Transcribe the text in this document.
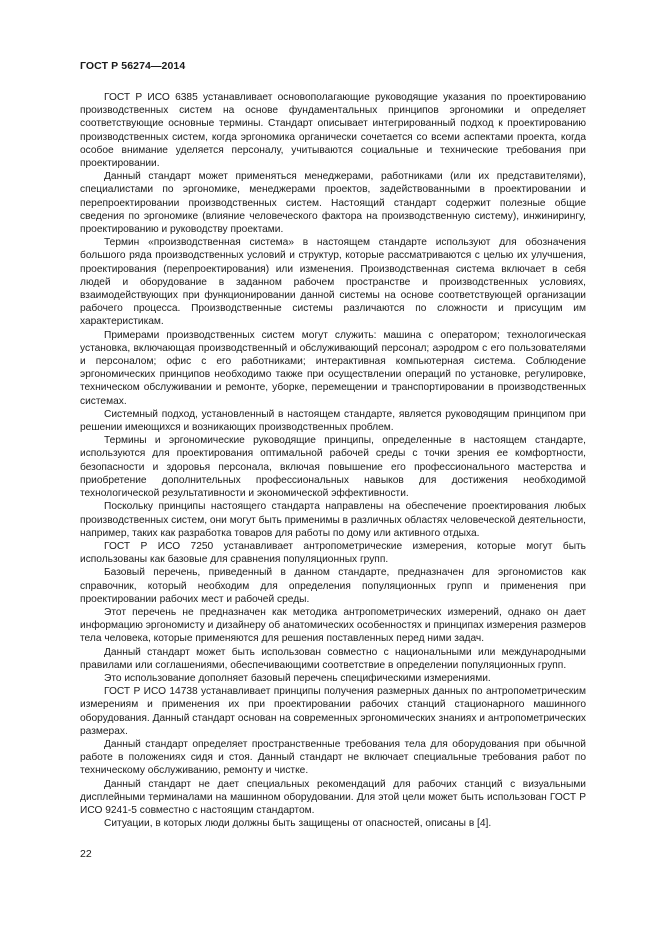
ГОСТ Р 56274—2014

ГОСТ Р ИСО 6385 устанавливает основополагающие руководящие указания по проектированию производственных систем на основе фундаментальных принципов эргономики и определяет соответствующие основные термины. Стандарт описывает интегрированный подход к проектированию производственных систем, когда эргономика органически сочетается со всеми аспектами проекта, когда особое внимание уделяется персоналу, учитываются социальные и технические требования при проектировании.

Данный стандарт может применяться менеджерами, работниками (или их представителями), специалистами по эргономике, менеджерами проектов, задействованными в проектировании и перепроектировании производственных систем. Настоящий стандарт содержит полезные общие сведения по эргономике (влияние человеческого фактора на производственную систему), инжинирингу, проектированию и руководству проектами.

Термин «производственная система» в настоящем стандарте используют для обозначения большого ряда производственных условий и структур, которые рассматриваются с целью их улучшения, проектирования (перепроектирования) или изменения. Производственная система включает в себя людей и оборудование в заданном рабочем пространстве и производственных условиях, взаимодействующих при функционировании данной системы на основе соответствующей организации рабочего процесса. Производственные системы различаются по сложности и присущим им характеристикам.

Примерами производственных систем могут служить: машина с оператором; технологическая установка, включающая производственный и обслуживающий персонал; аэродром с его пользователями и персоналом; офис с его работниками; интерактивная компьютерная система. Соблюдение эргономических принципов необходимо также при осуществлении операций по установке, регулировке, техническом обслуживании и ремонте, уборке, перемещении и транспортировании в производственных системах.

Системный подход, установленный в настоящем стандарте, является руководящим принципом при решении имеющихся и возникающих производственных проблем.

Термины и эргономические руководящие принципы, определенные в настоящем стандарте, используются для проектирования оптимальной рабочей среды с точки зрения ее комфортности, безопасности и здоровья персонала, включая повышение его профессионального мастерства и приобретение дополнительных профессиональных навыков для достижения необходимой технологической результативности и экономической эффективности.

Поскольку принципы настоящего стандарта направлены на обеспечение проектирования любых производственных систем, они могут быть применимы в различных областях человеческой деятельности, например, таких как разработка товаров для работы по дому или активного отдыха.

ГОСТ Р ИСО 7250 устанавливает антропометрические измерения, которые могут быть использованы как базовые для сравнения популяционных групп.

Базовый перечень, приведенный в данном стандарте, предназначен для эргономистов как справочник, который необходим для определения популяционных групп и применения при проектировании рабочих мест и рабочей среды.

Этот перечень не предназначен как методика антропометрических измерений, однако он дает информацию эргономисту и дизайнеру об анатомических особенностях и принципах измерения размеров тела человека, которые применяются для решения поставленных перед ними задач.

Данный стандарт может быть использован совместно с национальными или международными правилами или соглашениями, обеспечивающими соответствие в определении популяционных групп.

Это использование дополняет базовый перечень специфическими измерениями.

ГОСТ Р ИСО 14738 устанавливает принципы получения размерных данных по антропометрическим измерениям и применения их при проектировании рабочих станций стационарного машинного оборудования. Данный стандарт основан на современных эргономических знаниях и антропометрических размерах.

Данный стандарт определяет пространственные требования тела для оборудования при обычной работе в положениях сидя и стоя. Данный стандарт не включает специальные требования работ по техническому обслуживанию, ремонту и чистке.

Данный стандарт не дает специальных рекомендаций для рабочих станций с визуальными дисплейными терминалами на машинном оборудовании. Для этой цели может быть использован ГОСТ Р ИСО 9241-5 совместно с настоящим стандартом.

Ситуации, в которых люди должны быть защищены от опасностей, описаны в [4].

22
